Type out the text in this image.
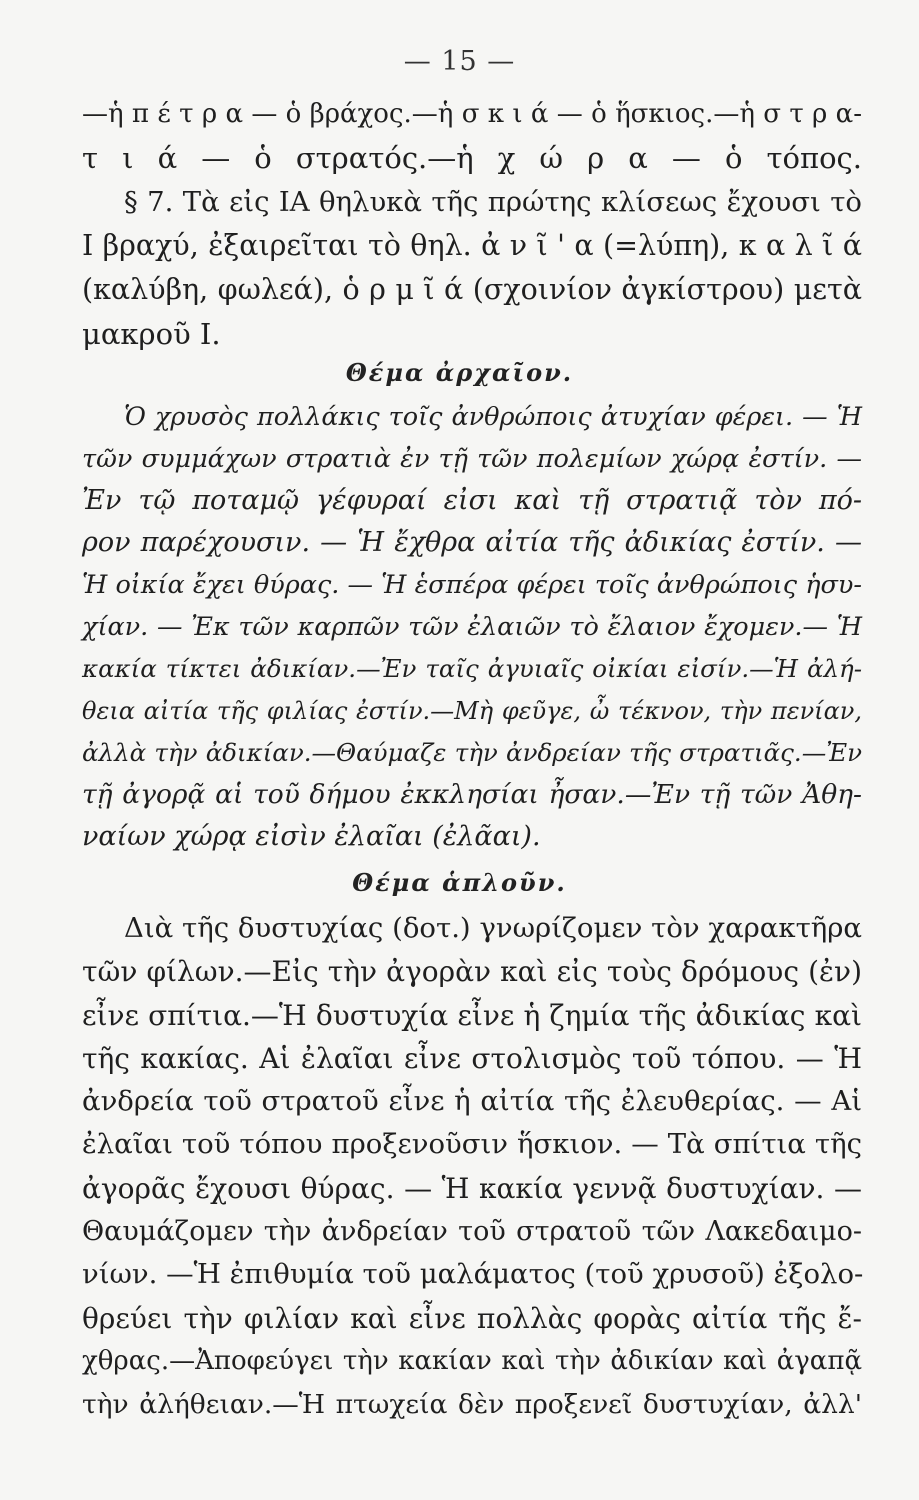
— 15 —
—ἡ π έ τ ρ α — ὁ βράχος.—ἡ σ κ ι ά — ὁ ἥσκιος.—ἡ σ τ ρ α-
τ ι ά — ὁ στρατός.—ἡ χ ώ ρ α — ὁ τόπος.
§ 7. Τὰ εἰς ΙΑ θηλυκὰ τῆς πρώτης κλίσεως ἔχουσι τὸ
Ι βραχύ, ἐξαιρεῖται τὸ θηλ. ἀ ν ῖ ' α (=λύπη), κ α λ ῖ ά
(καλύβη, φωλεά), ὁ ρ μ ῖ ά (σχοινίον ἀγκίστρου) μετὰ
μακροῦ Ι.
Θέμα ἀρχαῖον.
Ὁ χρυσὸς πολλάκις τοῖς ἀνθρώποις ἀτυχίαν φέρει. — Ἡ
τῶν συμμάχων στρατιὰ ἐν τῇ τῶν πολεμίων χώρᾳ ἐστίν. —
Ἐν τῷ ποταμῷ γέφυραί εἰσι καὶ τῇ στρατιᾷ τὸν πό-
ρον παρέχουσιν. — Ἡ ἔχθρα αἰτία τῆς ἀδικίας ἐστίν. —
Ἡ οἰκία ἔχει θύρας. — Ἡ ἑσπέρα φέρει τοῖς ἀνθρώποις ἡσυ-
χίαν. — Ἐκ τῶν καρπῶν τῶν ἐλαιῶν τὸ ἔλαιον ἔχομεν.— Ἡ
κακία τίκτει ἀδικίαν.—Ἐν ταῖς ἀγυιαῖς οἰκίαι εἰσίν.—Ἡ ἀλή-
θεια αἰτία τῆς φιλίας ἐστίν.—Μὴ φεῦγε, ὦ τέκνον, τὴν πενίαν,
ἀλλὰ τὴν ἀδικίαν.—Θαύμαζε τὴν ἀνδρείαν τῆς στρατιᾶς.—Ἐν
τῇ ἀγορᾷ αἱ τοῦ δήμου ἐκκλησίαι ἦσαν.—Ἐν τῇ τῶν Ἀθη-
ναίων χώρᾳ εἰσὶν ἐλαῖαι (ἐλᾶαι).
Θέμα ἁπλοῦν.
Διὰ τῆς δυστυχίας (δοτ.) γνωρίζομεν τὸν χαρακτῆρα
τῶν φίλων.—Εἰς τὴν ἀγορὰν καὶ εἰς τοὺς δρόμους (ἐν)
εἶνε σπίτια.—Ἡ δυστυχία εἶνε ἡ ζημία τῆς ἀδικίας καὶ
τῆς κακίας. Αἱ ἐλαῖαι εἶνε στολισμὸς τοῦ τόπου. — Ἡ
ἀνδρεία τοῦ στρατοῦ εἶνε ἡ αἰτία τῆς ἐλευθερίας. — Αἱ
ἐλαῖαι τοῦ τόπου προξενοῦσιν ἥσκιον. — Τὰ σπίτια τῆς
ἀγορᾶς ἔχουσι θύρας. — Ἡ κακία γεννᾷ δυστυχίαν. —
Θαυμάζομεν τὴν ἀνδρείαν τοῦ στρατοῦ τῶν Λακεδαιμο-
νίων. —Ἡ ἐπιθυμία τοῦ μαλάματος (τοῦ χρυσοῦ) ἐξολο-
θρεύει τὴν φιλίαν καὶ εἶνε πολλὰς φορὰς αἰτία τῆς ἔ-
χθρας.—Ἀποφεύγει τὴν κακίαν καὶ τὴν ἀδικίαν καὶ ἀγαπᾷ
τὴν ἀλήθειαν.—Ἡ πτωχεία δὲν προξενεῖ δυστυχίαν, ἀλλ'
